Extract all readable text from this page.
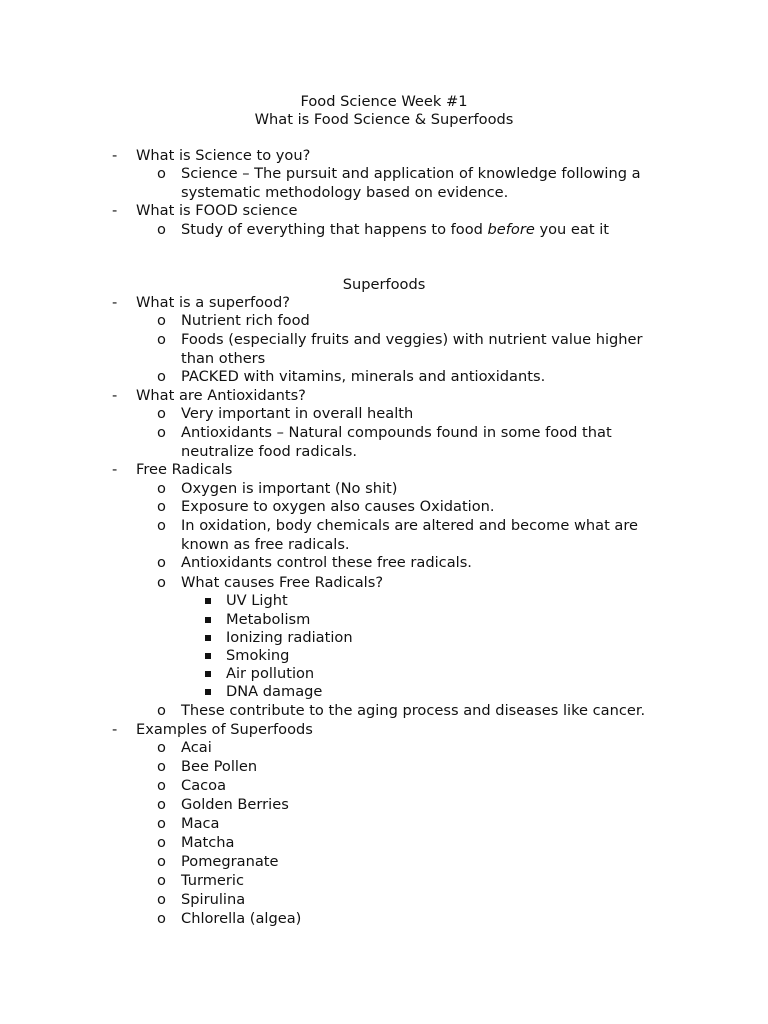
Food Science Week #1
What is Food Science & Superfoods
- What is Science to you?
o Science – The pursuit and application of knowledge following a
systematic methodology based on evidence.
- What is FOOD science
o Study of everything that happens to food before you eat it
Superfoods
- What is a superfood?
o Nutrient rich food
o Foods (especially fruits and veggies) with nutrient value higher
than others
o PACKED with vitamins, minerals and antioxidants.
- What are Antioxidants?
o Very important in overall health
o Antioxidants – Natural compounds found in some food that
neutralize food radicals.
- Free Radicals
o Oxygen is important (No shit)
o Exposure to oxygen also causes Oxidation.
o In oxidation, body chemicals are altered and become what are
known as free radicals.
o Antioxidants control these free radicals.
o What causes Free Radicals?
UV Light
Metabolism
Ionizing radiation
Smoking
Air pollution
DNA damage
o These contribute to the aging process and diseases like cancer.
- Examples of Superfoods
o Acai
o Bee Pollen
o Cacoa
o Golden Berries
o Maca
o Matcha
o Pomegranate
o Turmeric
o Spirulina
o Chlorella (algea)
